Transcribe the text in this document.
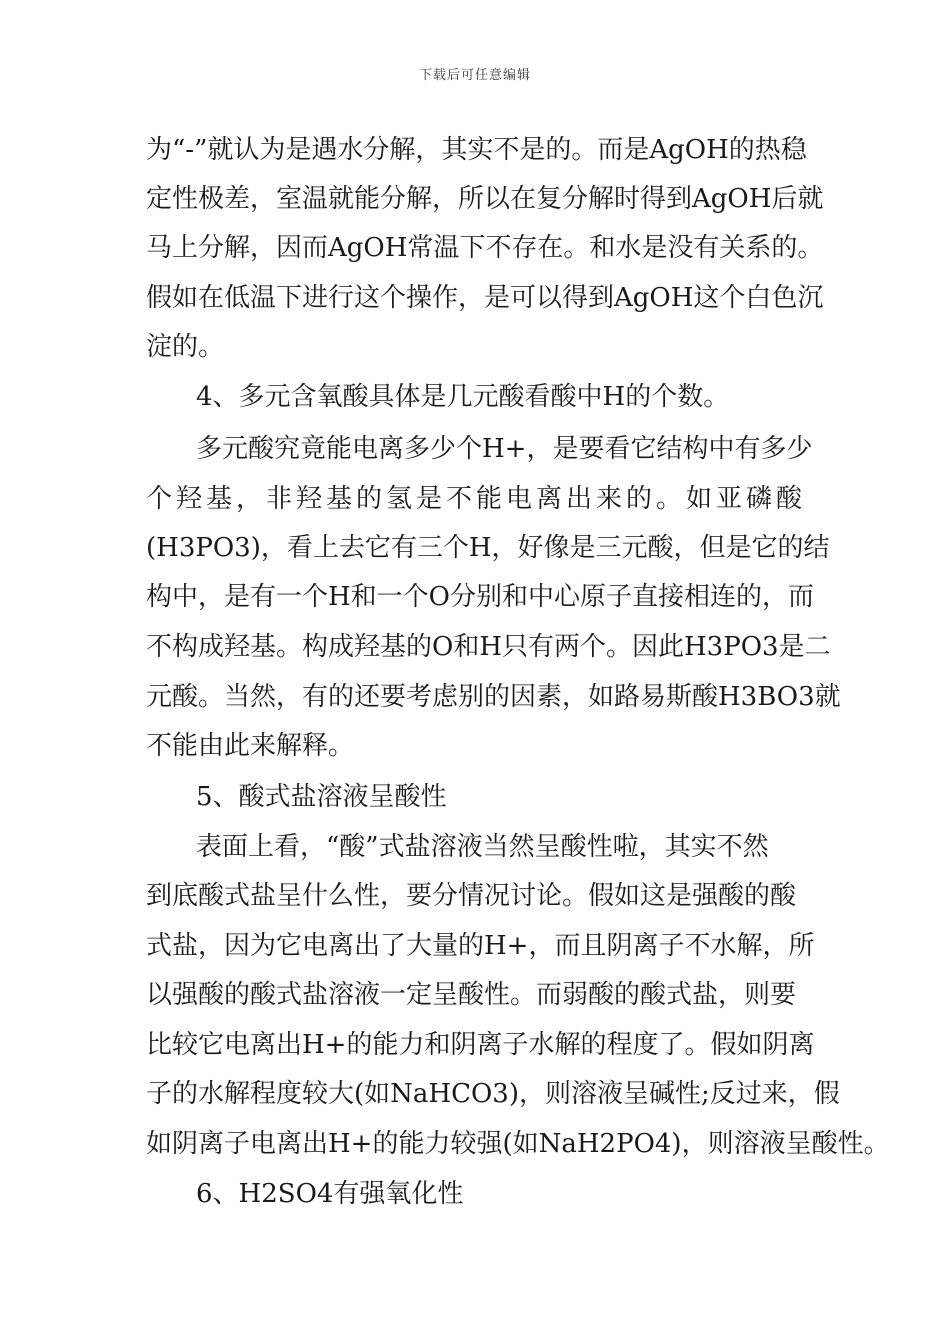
下载后可任意编辑
为“-”就认为是遇水分解，其实不是的。而是AgOH的热稳
定性极差，室温就能分解，所以在复分解时得到AgOH后就
马上分解，因而AgOH常温下不存在。和水是没有关系的。
假如在低温下进行这个操作，是可以得到AgOH这个白色沉
淀的。
4、多元含氧酸具体是几元酸看酸中H的个数。
多元酸究竟能电离多少个H+，是要看它结构中有多少
个羟基，非羟基的氢是不能电离出来的。如亚磷酸
(H3PO3)，看上去它有三个H，好像是三元酸，但是它的结
构中，是有一个H和一个O分别和中心原子直接相连的，而
不构成羟基。构成羟基的O和H只有两个。因此H3PO3是二
元酸。当然，有的还要考虑别的因素，如路易斯酸H3BO3就
不能由此来解释。
5、酸式盐溶液呈酸性
表面上看，“酸”式盐溶液当然呈酸性啦，其实不然
到底酸式盐呈什么性，要分情况讨论。假如这是强酸的酸
式盐，因为它电离出了大量的H+，而且阴离子不水解，所
以强酸的酸式盐溶液一定呈酸性。而弱酸的酸式盐，则要
比较它电离出H+的能力和阴离子水解的程度了。假如阴离
子的水解程度较大(如NaHCO3)，则溶液呈碱性;反过来，假
如阴离子电离出H+的能力较强(如NaH2PO4)，则溶液呈酸性。
6、H2SO4有强氧化性
